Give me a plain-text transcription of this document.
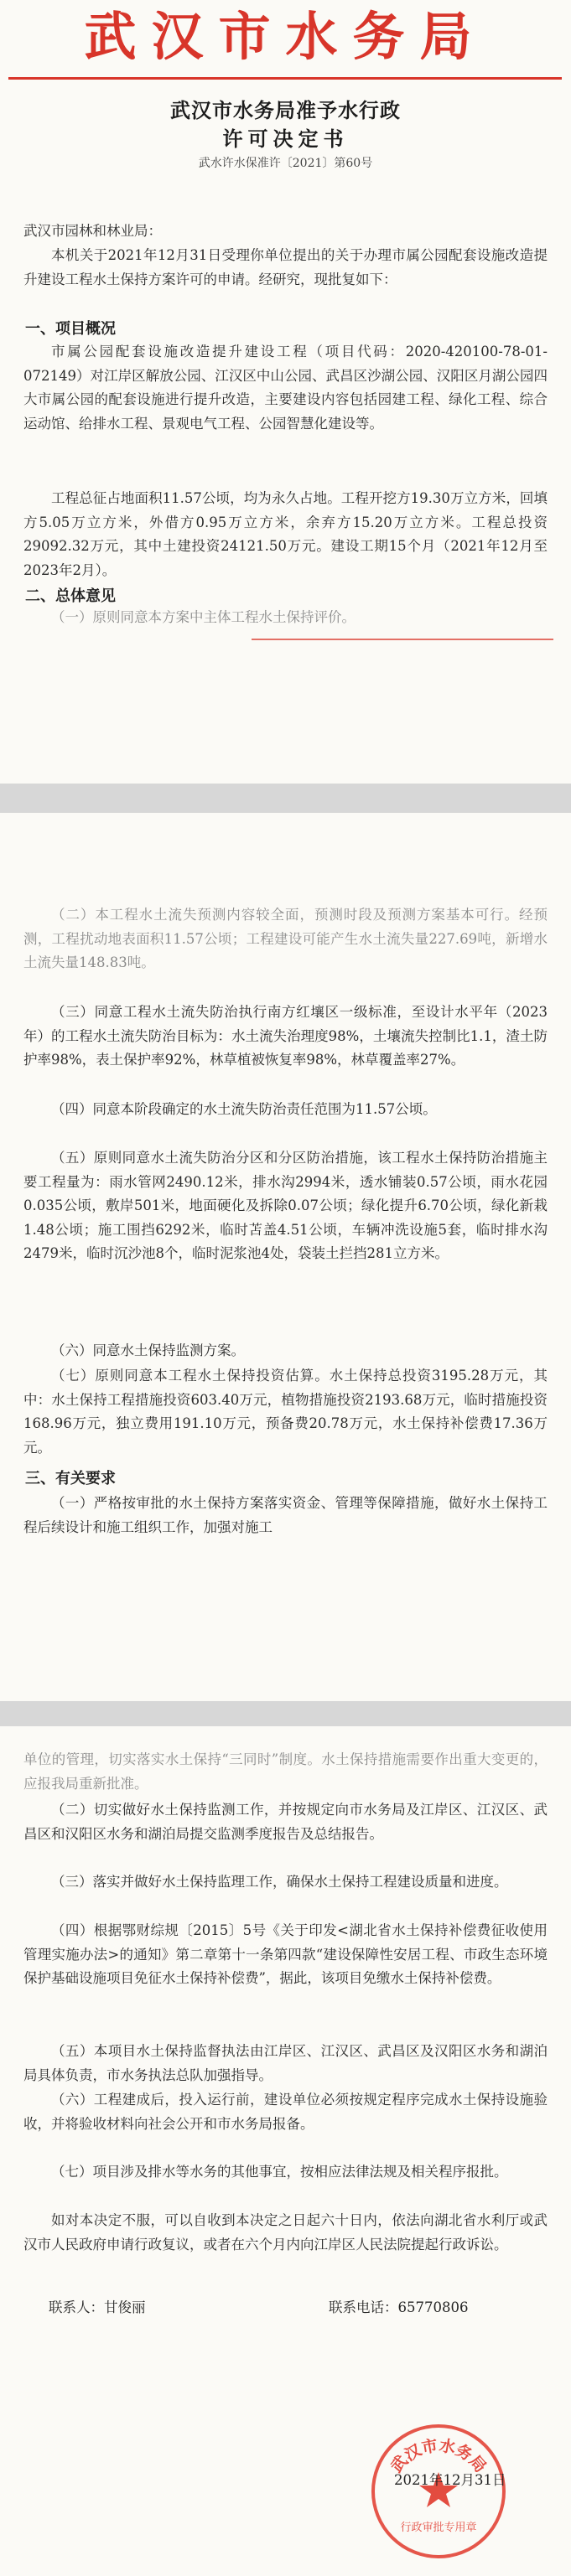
武汉市水务局
武汉市水务局准予水行政
许可决定书
武水许水保准许〔2021〕第60号
武汉市园林和林业局：
本机关于2021年12月31日受理你单位提出的关于办理市属公园配套设施改造提升建设工程水土保持方案许可的申请。经研究，现批复如下：
一、项目概况
市属公园配套设施改造提升建设工程（项目代码：2020-420100-78-01-072149）对江岸区解放公园、江汉区中山公园、武昌区沙湖公园、汉阳区月湖公园四大市属公园的配套设施进行提升改造，主要建设内容包括园建工程、绿化工程、综合运动馆、给排水工程、景观电气工程、公园智慧化建设等。
工程总征占地面积11.57公顷，均为永久占地。工程开挖方19.30万立方米，回填方5.05万立方米，外借方0.95万立方米，余弃方15.20万立方米。工程总投资29092.32万元，其中土建投资24121.50万元。建设工期15个月（2021年12月至2023年2月）。
二、总体意见
（一）原则同意本方案中主体工程水土保持评价。
（二）本工程水土流失预测内容较全面，预测时段及预测方案基本可行。经预测，工程扰动地表面积11.57公顷；工程建设可能产生水土流失量227.69吨，新增水土流失量148.83吨。
（三）同意工程水土流失防治执行南方红壤区一级标准，至设计水平年（2023年）的工程水土流失防治目标为：水土流失治理度98%，土壤流失控制比1.1，渣土防护率98%，表土保护率92%，林草植被恢复率98%，林草覆盖率27%。
（四）同意本阶段确定的水土流失防治责任范围为11.57公顷。
（五）原则同意水土流失防治分区和分区防治措施，该工程水土保持防治措施主要工程量为：雨水管网2490.12米，排水沟2994米，透水铺装0.57公顷，雨水花园0.035公顷，敷岸501米，地面硬化及拆除0.07公顷；绿化提升6.70公顷，绿化新栽1.48公顷；施工围挡6292米，临时苫盖4.51公顷，车辆冲洗设施5套，临时排水沟2479米，临时沉沙池8个，临时泥浆池4处，袋装土拦挡281立方米。
（六）同意水土保持监测方案。
（七）原则同意本工程水土保持投资估算。水土保持总投资3195.28万元，其中：水土保持工程措施投资603.40万元，植物措施投资2193.68万元，临时措施投资168.96万元，独立费用191.10万元，预备费20.78万元，水土保持补偿费17.36万元。
三、有关要求
（一）严格按审批的水土保持方案落实资金、管理等保障措施，做好水土保持工程后续设计和施工组织工作，加强对施工
单位的管理，切实落实水土保持“三同时”制度。水土保持措施需要作出重大变更的，应报我局重新批准。
（二）切实做好水土保持监测工作，并按规定向市水务局及江岸区、江汉区、武昌区和汉阳区水务和湖泊局提交监测季度报告及总结报告。
（三）落实并做好水土保持监理工作，确保水土保持工程建设质量和进度。
（四）根据鄂财综规〔2015〕5号《关于印发<湖北省水土保持补偿费征收使用管理实施办法>的通知》第二章第十一条第四款“建设保障性安居工程、市政生态环境保护基础设施项目免征水土保持补偿费”，据此，该项目免缴水土保持补偿费。
（五）本项目水土保持监督执法由江岸区、江汉区、武昌区及汉阳区水务和湖泊局具体负责，市水务执法总队加强指导。
（六）工程建成后，投入运行前，建设单位必须按规定程序完成水土保持设施验收，并将验收材料向社会公开和市水务局报备。
（七）项目涉及排水等水务的其他事宜，按相应法律法规及相关程序报批。
如对本决定不服，可以自收到本决定之日起六十日内，依法向湖北省水利厅或武汉市人民政府申请行政复议，或者在六个月内向江岸区人民法院提起行政诉讼。
联系人：甘俊丽	联系电话：65770806
武汉市水务局
行政审批专用章
2021年12月31日
